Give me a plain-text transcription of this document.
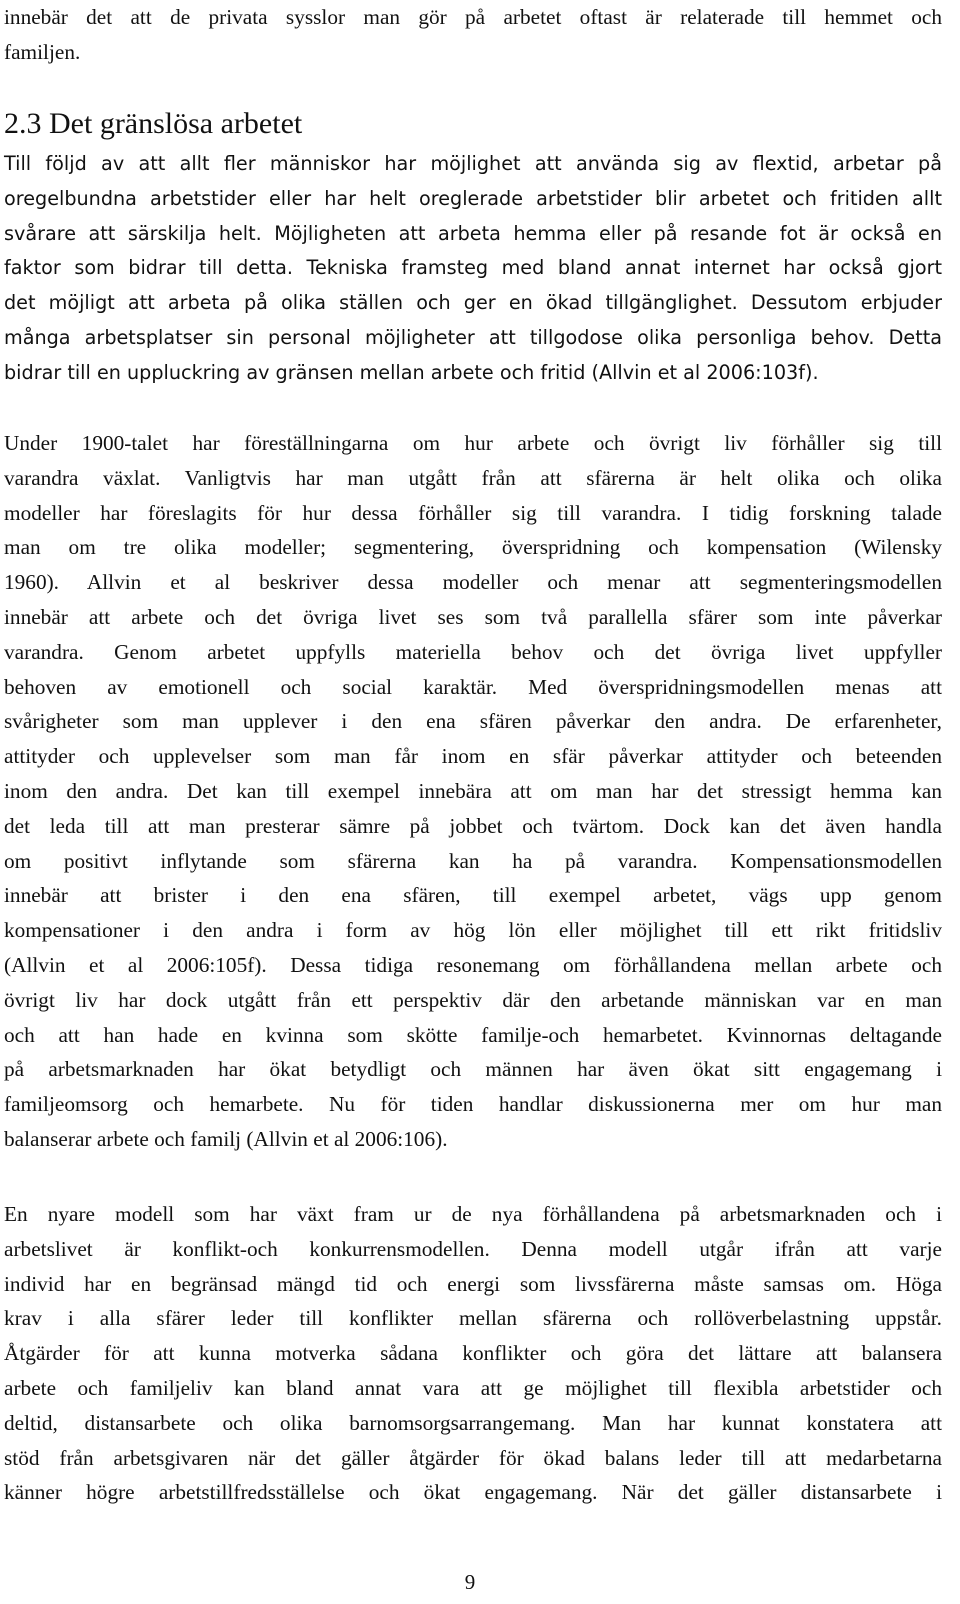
innebär det att de privata sysslor man gör på arbetet oftast är relaterade till hemmet och
familjen.
2.3 Det gränslösa arbetet
Till följd av att allt fler människor har möjlighet att använda sig av flextid, arbetar på
oregelbundna arbetstider eller har helt oreglerade arbetstider blir arbetet och fritiden allt
svårare att särskilja helt. Möjligheten att arbeta hemma eller på resande fot är också en
faktor som bidrar till detta. Tekniska framsteg med bland annat internet har också gjort
det möjligt att arbeta på olika ställen och ger en ökad tillgänglighet. Dessutom erbjuder
många arbetsplatser sin personal möjligheter att tillgodose olika personliga behov. Detta
bidrar till en uppluckring av gränsen mellan arbete och fritid (Allvin et al 2006:103f).
Under 1900-talet har föreställningarna om hur arbete och övrigt liv förhåller sig till
varandra växlat. Vanligtvis har man utgått från att sfärerna är helt olika och olika
modeller har föreslagits för hur dessa förhåller sig till varandra. I tidig forskning talade
man om tre olika modeller; segmentering, överspridning och kompensation (Wilensky
1960). Allvin et al beskriver dessa modeller och menar att segmenteringsmodellen
innebär att arbete och det övriga livet ses som två parallella sfärer som inte påverkar
varandra. Genom arbetet uppfylls materiella behov och det övriga livet uppfyller
behoven av emotionell och social karaktär. Med överspridningsmodellen menas att
svårigheter som man upplever i den ena sfären påverkar den andra. De erfarenheter,
attityder och upplevelser som man får inom en sfär påverkar attityder och beteenden
inom den andra. Det kan till exempel innebära att om man har det stressigt hemma kan
det leda till att man presterar sämre på jobbet och tvärtom. Dock kan det även handla
om positivt inflytande som sfärerna kan ha på varandra. Kompensationsmodellen
innebär att brister i den ena sfären, till exempel arbetet, vägs upp genom
kompensationer i den andra i form av hög lön eller möjlighet till ett rikt fritidsliv
(Allvin et al 2006:105f). Dessa tidiga resonemang om förhållandena mellan arbete och
övrigt liv har dock utgått från ett perspektiv där den arbetande människan var en man
och att han hade en kvinna som skötte familje-och hemarbetet. Kvinnornas deltagande
på arbetsmarknaden har ökat betydligt och männen har även ökat sitt engagemang i
familjeomsorg och hemarbete. Nu för tiden handlar diskussionerna mer om hur man
balanserar arbete och familj (Allvin et al 2006:106).
En nyare modell som har växt fram ur de nya förhållandena på arbetsmarknaden och i
arbetslivet är konflikt-och konkurrensmodellen. Denna modell utgår ifrån att varje
individ har en begränsad mängd tid och energi som livssfärerna måste samsas om. Höga
krav i alla sfärer leder till konflikter mellan sfärerna och rollöverbelastning uppstår.
Åtgärder för att kunna motverka sådana konflikter och göra det lättare att balansera
arbete och familjeliv kan bland annat vara att ge möjlighet till flexibla arbetstider och
deltid, distansarbete och olika barnomsorgsarrangemang. Man har kunnat konstatera att
stöd från arbetsgivaren när det gäller åtgärder för ökad balans leder till att medarbetarna
känner högre arbetstillfredsställelse och ökat engagemang. När det gäller distansarbete i
9
